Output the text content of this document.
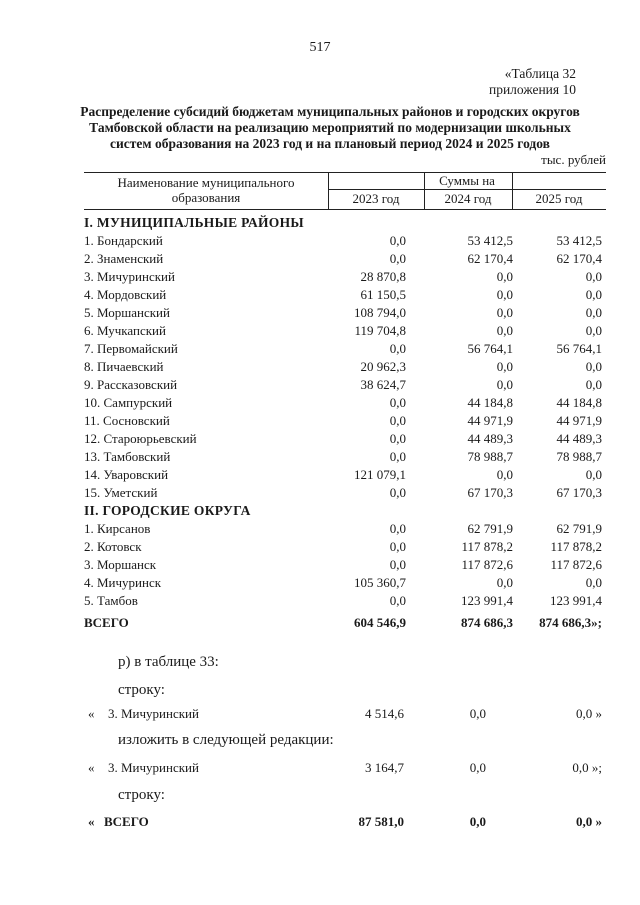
517
«Таблица 32
приложения 10
Распределение субсидий бюджетам муниципальных районов и городских округов
Тамбовской области на реализацию мероприятий по модернизации школьных
систем образования на 2023 год и на плановый период 2024 и 2025 годов
тыс. рублей
Наименование муниципального
образования
Суммы на
2023 год	2024 год	2025 год
I. МУНИЦИПАЛЬНЫЕ РАЙОНЫ
1. Бондарский	0,0	53 412,5	53 412,5
2. Знаменский	0,0	62 170,4	62 170,4
3. Мичуринский	28 870,8	0,0	0,0
4. Мордовский	61 150,5	0,0	0,0
5. Моршанский	108 794,0	0,0	0,0
6. Мучкапский	119 704,8	0,0	0,0
7. Первомайский	0,0	56 764,1	56 764,1
8. Пичаевский	20 962,3	0,0	0,0
9. Рассказовский	38 624,7	0,0	0,0
10. Сампурский	0,0	44 184,8	44 184,8
11. Сосновский	0,0	44 971,9	44 971,9
12. Староюрьевский	0,0	44 489,3	44 489,3
13. Тамбовский	0,0	78 988,7	78 988,7
14. Уваровский	121 079,1	0,0	0,0
15. Уметский	0,0	67 170,3	67 170,3
II. ГОРОДСКИЕ ОКРУГА
1. Кирсанов	0,0	62 791,9	62 791,9
2. Котовск	0,0	117 878,2	117 878,2
3. Моршанск	0,0	117 872,6	117 872,6
4. Мичуринск	105 360,7	0,0	0,0
5. Тамбов	0,0	123 991,4	123 991,4
ВСЕГО	604 546,9	874 686,3	874 686,3»;
р) в таблице 33:
строку:
« 3. Мичуринский	4 514,6	0,0	0,0 »
изложить в следующей редакции:
« 3. Мичуринский	3 164,7	0,0	0,0 »;
строку:
« ВСЕГО	87 581,0	0,0	0,0 »
